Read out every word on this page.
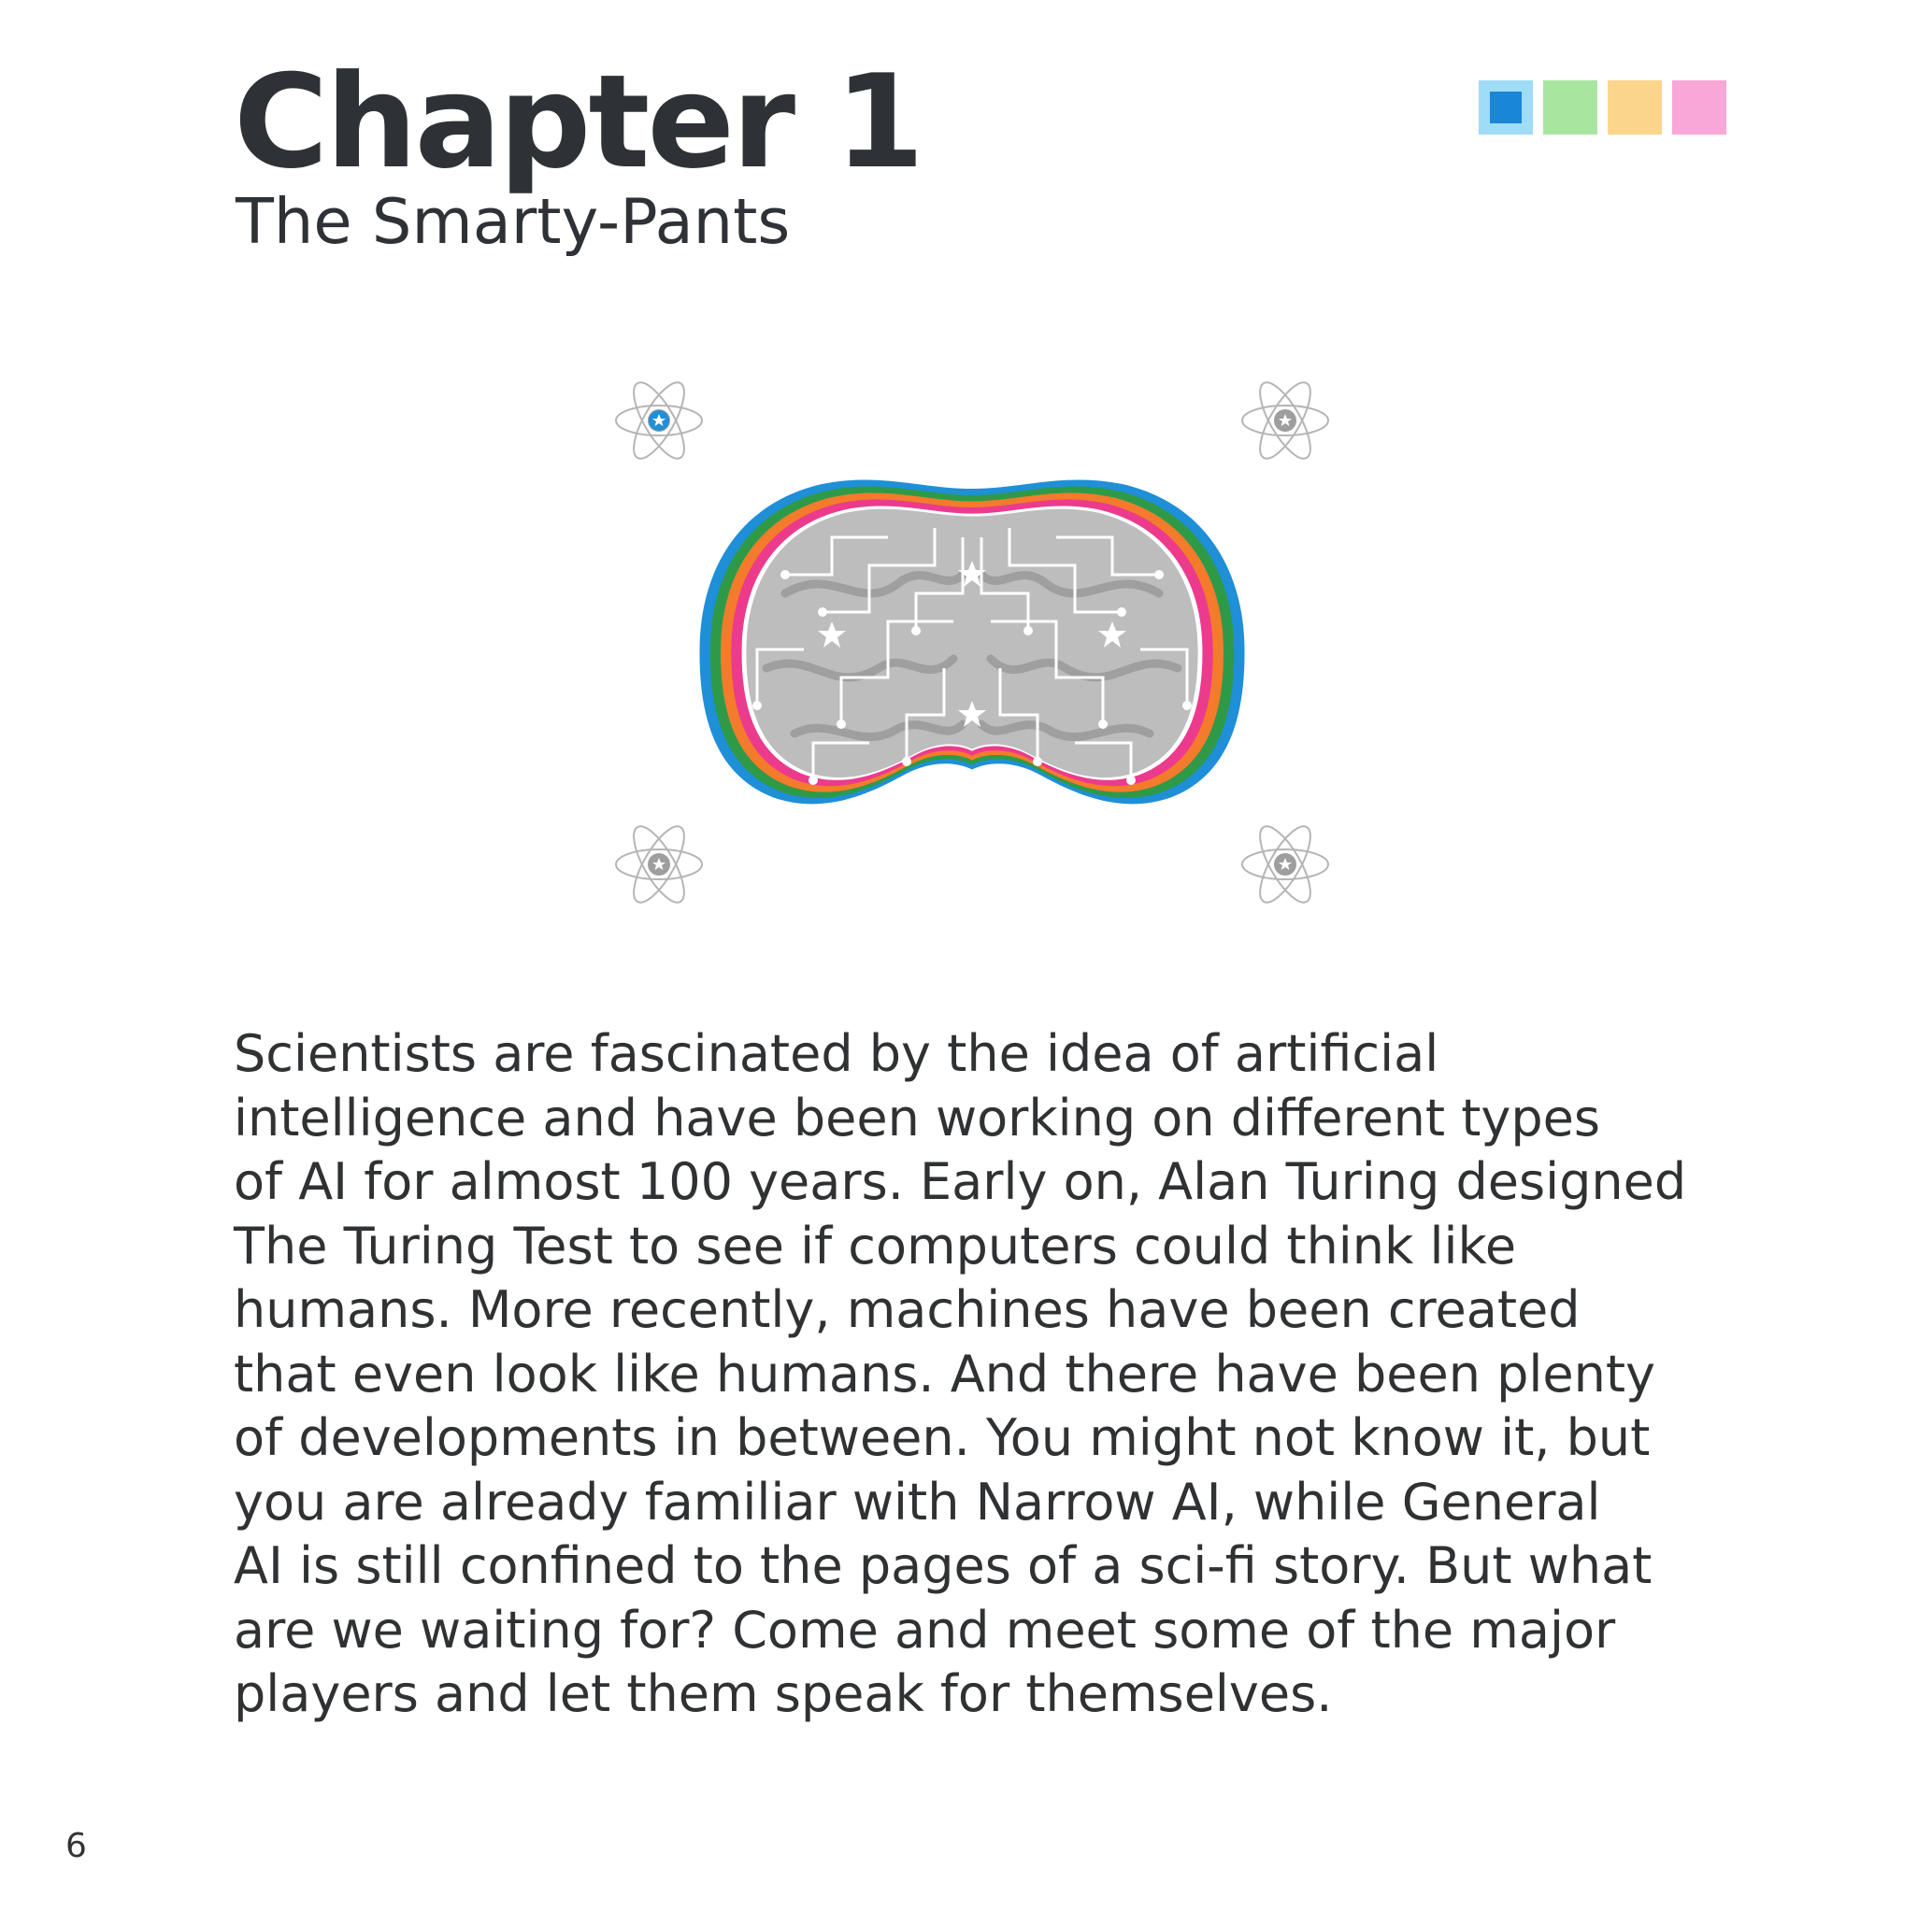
Chapter 1
The Smarty-Pants

Scientists are fascinated by the idea of artificial
intelligence and have been working on different types
of AI for almost 100 years. Early on, Alan Turing designed
The Turing Test to see if computers could think like
humans. More recently, machines have been created
that even look like humans. And there have been plenty
of developments in between. You might not know it, but
you are already familiar with Narrow AI, while General
AI is still confined to the pages of a sci-fi story. But what
are we waiting for? Come and meet some of the major
players and let them speak for themselves.

6
